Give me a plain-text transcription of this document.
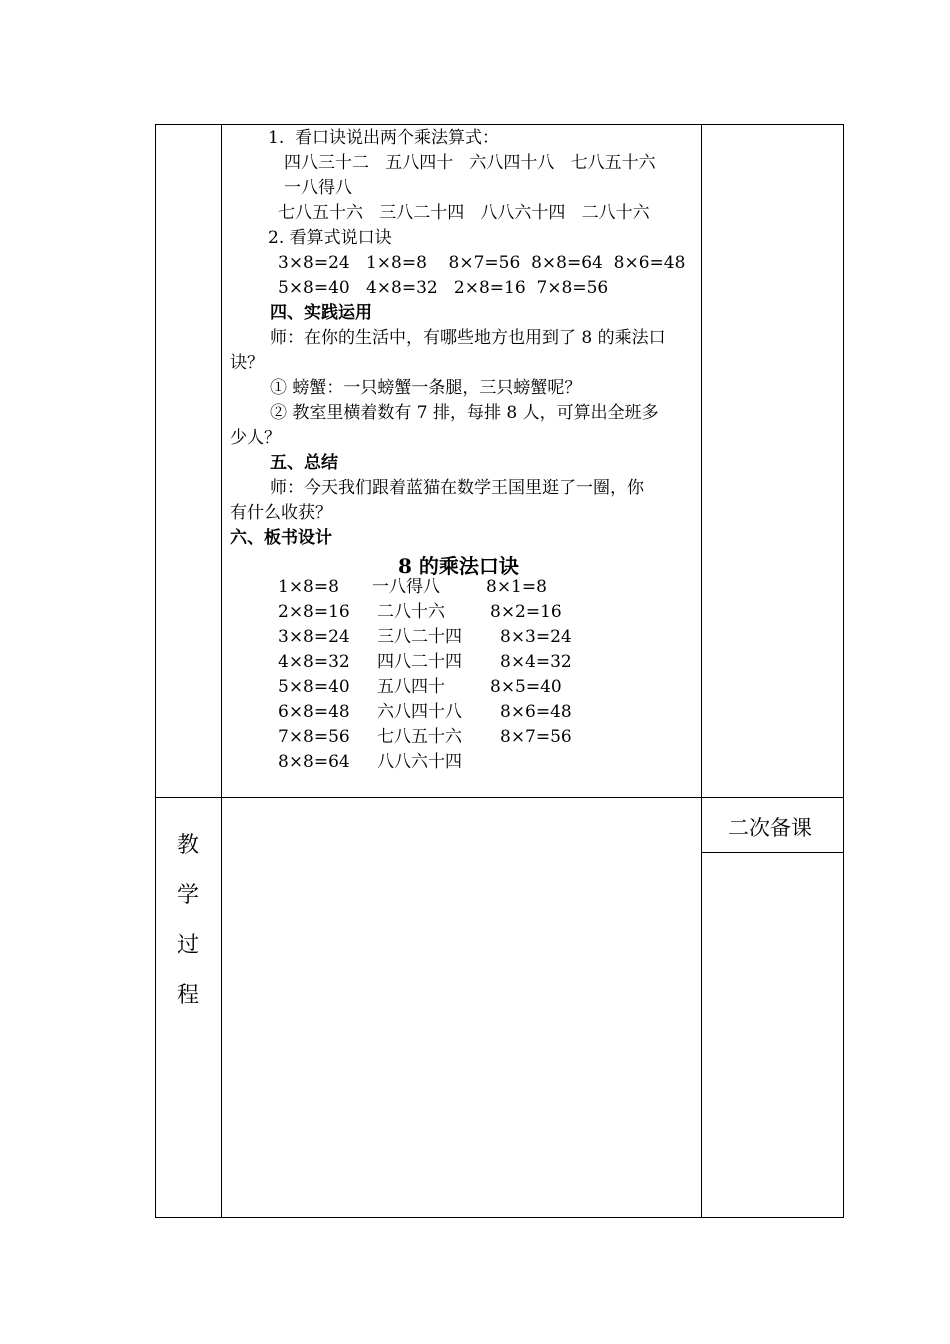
1.  看口诀说出两个乘法算式：
四八三十二   五八四十   六八四十八   七八五十六
一八得八
七八五十六   三八二十四   八八六十四   二八十六
2. 看算式说口诀
3×8=24   1×8=8    8×7=56  8×8=64  8×6=48
5×8=40   4×8=32   2×8=16  7×8=56
四、实践运用
师：在你的生活中，有哪些地方也用到了 8 的乘法口
诀？
① 螃蟹：一只螃蟹一条腿，三只螃蟹呢？
② 教室里横着数有 7 排，每排 8 人，可算出全班多
少人？
五、总结
师：今天我们跟着蓝猫在数学王国里逛了一圈，你
有什么收获？
六、板书设计
8 的乘法口诀
1×8=8 一八得八	8×1=8
2×8=16 二八十六	8×2=16
3×8=24 三八二十四 8×3=24
4×8=32 四八二十四 8×4=32
5×8=40 五八四十	8×5=40
6×8=48 六八四十八 8×6=48
7×8=56 七八五十六 8×7=56
8×8=64 八八六十四
教
学
过
程
二次备课
